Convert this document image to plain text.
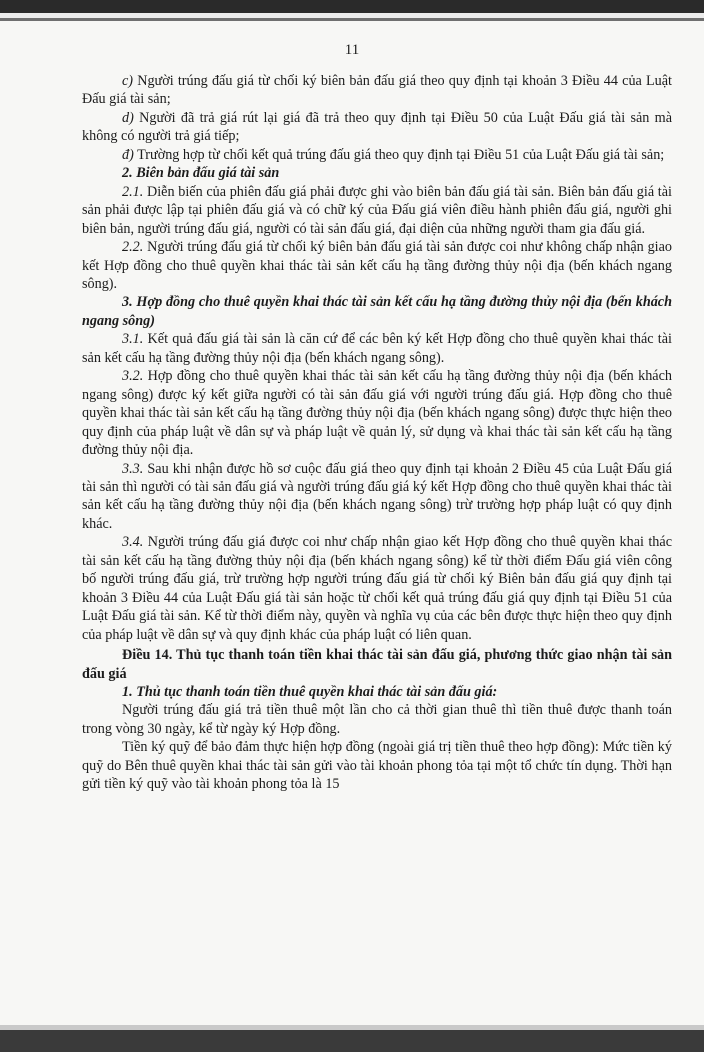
11

c) Người trúng đấu giá từ chối ký biên bản đấu giá theo quy định tại khoản 3 Điều 44 của Luật Đấu giá tài sản;

d) Người đã trả giá rút lại giá đã trả theo quy định tại Điều 50 của Luật Đấu giá tài sản mà không có người trả giá tiếp;

đ) Trường hợp từ chối kết quả trúng đấu giá theo quy định tại Điều 51 của Luật Đấu giá tài sản;

2. Biên bản đấu giá tài sản

2.1. Diễn biến của phiên đấu giá phải được ghi vào biên bản đấu giá tài sản. Biên bản đấu giá tài sản phải được lập tại phiên đấu giá và có chữ ký của Đấu giá viên điều hành phiên đấu giá, người ghi biên bản, người trúng đấu giá, người có tài sản đấu giá, đại diện của những người tham gia đấu giá.

2.2. Người trúng đấu giá từ chối ký biên bản đấu giá tài sản được coi như không chấp nhận giao kết Hợp đồng cho thuê quyền khai thác tài sản kết cấu hạ tầng đường thủy nội địa (bến khách ngang sông).

3. Hợp đồng cho thuê quyền khai thác tài sản kết cấu hạ tầng đường thủy nội địa (bến khách ngang sông)

3.1. Kết quả đấu giá tài sản là căn cứ để các bên ký kết Hợp đồng cho thuê quyền khai thác tài sản kết cấu hạ tầng đường thủy nội địa (bến khách ngang sông).

3.2. Hợp đồng cho thuê quyền khai thác tài sản kết cấu hạ tầng đường thủy nội địa (bến khách ngang sông) được ký kết giữa người có tài sản đấu giá với người trúng đấu giá. Hợp đồng cho thuê quyền khai thác tài sản kết cấu hạ tầng đường thủy nội địa (bến khách ngang sông) được thực hiện theo quy định của pháp luật về dân sự và pháp luật về quản lý, sử dụng và khai thác tài sản kết cấu hạ tầng đường thủy nội địa.

3.3. Sau khi nhận được hồ sơ cuộc đấu giá theo quy định tại khoản 2 Điều 45 của Luật Đấu giá tài sản thì người có tài sản đấu giá và người trúng đấu giá ký kết Hợp đồng cho thuê quyền khai thác tài sản kết cấu hạ tầng đường thủy nội địa (bến khách ngang sông) trừ trường hợp pháp luật có quy định khác.

3.4. Người trúng đấu giá được coi như chấp nhận giao kết Hợp đồng cho thuê quyền khai thác tài sản kết cấu hạ tầng đường thủy nội địa (bến khách ngang sông) kể từ thời điểm Đấu giá viên công bố người trúng đấu giá, trừ trường hợp người trúng đấu giá từ chối ký Biên bản đấu giá quy định tại khoản 3 Điều 44 của Luật Đấu giá tài sản hoặc từ chối kết quả trúng đấu giá quy định tại Điều 51 của Luật Đấu giá tài sản. Kể từ thời điểm này, quyền và nghĩa vụ của các bên được thực hiện theo quy định của pháp luật về dân sự và quy định khác của pháp luật có liên quan.

Điều 14. Thủ tục thanh toán tiền khai thác tài sản đấu giá, phương thức giao nhận tài sản đấu giá

1. Thủ tục thanh toán tiền thuê quyền khai thác tài sản đấu giá:

Người trúng đấu giá trả tiền thuê một lần cho cả thời gian thuê thì tiền thuê được thanh toán trong vòng 30 ngày, kể từ ngày ký Hợp đồng.

Tiền ký quỹ để bảo đảm thực hiện hợp đồng (ngoài giá trị tiền thuê theo hợp đồng): Mức tiền ký quỹ do Bên thuê quyền khai thác tài sản gửi vào tài khoản phong tỏa tại một tổ chức tín dụng. Thời hạn gửi tiền ký quỹ vào tài khoản phong tỏa là 15
